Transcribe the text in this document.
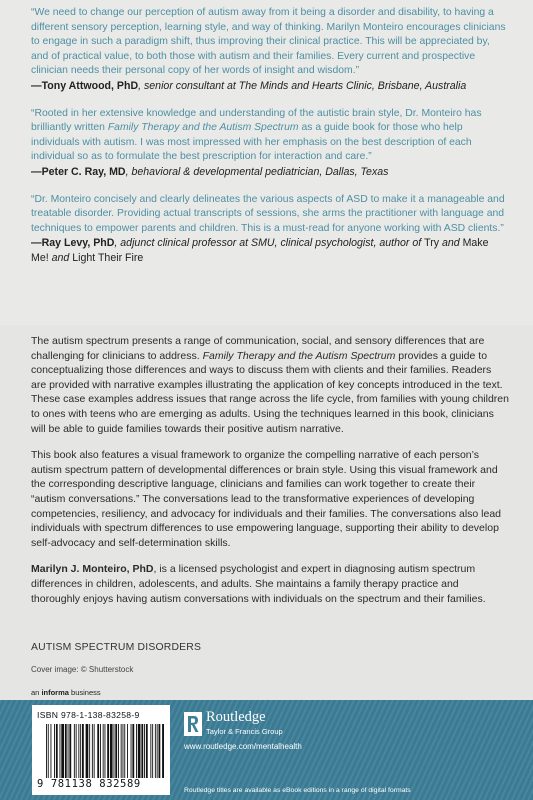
“We need to change our perception of autism away from it being a disorder and disability, to having a different sensory perception, learning style, and way of thinking. Marilyn Monteiro encourages clinicians to engage in such a paradigm shift, thus improving their clinical practice. This will be appreciated by, and of practical value, to both those with autism and their families. Every current and prospective clinician needs their personal copy of her words of insight and wisdom.”

—Tony Attwood, PhD, senior consultant at The Minds and Hearts Clinic, Brisbane, Australia

“Rooted in her extensive knowledge and understanding of the autistic brain style, Dr. Monteiro has brilliantly written Family Therapy and the Autism Spectrum as a guide book for those who help individuals with autism. I was most impressed with her emphasis on the best description of each individual so as to formulate the best prescription for interaction and care.”

—Peter C. Ray, MD, behavioral & developmental pediatrician, Dallas, Texas

“Dr. Monteiro concisely and clearly delineates the various aspects of ASD to make it a manageable and treatable disorder. Providing actual transcripts of sessions, she arms the practitioner with language and techniques to empower parents and children. This is a must-read for anyone working with ASD clients.”

—Ray Levy, PhD, adjunct clinical professor at SMU, clinical psychologist, author of Try and Make Me! and Light Their Fire

The autism spectrum presents a range of communication, social, and sensory differences that are challenging for clinicians to address. Family Therapy and the Autism Spectrum provides a guide to conceptualizing those differences and ways to discuss them with clients and their families. Readers are provided with narrative examples illustrating the application of key concepts introduced in the text. These case examples address issues that range across the life cycle, from families with young children to ones with teens who are emerging as adults. Using the techniques learned in this book, clinicians will be able to guide families towards their positive autism narrative.

This book also features a visual framework to organize the compelling narrative of each person’s autism spectrum pattern of developmental differences or brain style. Using this visual framework and the corresponding descriptive language, clinicians and families can work together to create their “autism conversations.” The conversations lead to the transformative experiences of developing competencies, resiliency, and advocacy for individuals and their families. The conversations also lead individuals with spectrum differences to use empowering language, supporting their ability to develop self-advocacy and self-determination skills.

Marilyn J. Monteiro, PhD, is a licensed psychologist and expert in diagnosing autism spectrum differences in children, adolescents, and adults. She maintains a family therapy practice and thoroughly enjoys having autism conversations with individuals on the spectrum and their families.

AUTISM SPECTRUM DISORDERS
Cover image: © Shutterstock
an informa business
ISBN 978-1-138-83258-9
9 781138 832589
Routledge
Taylor & Francis Group
www.routledge.com/mentalhealth
Routledge titles are available as eBook editions in a range of digital formats
